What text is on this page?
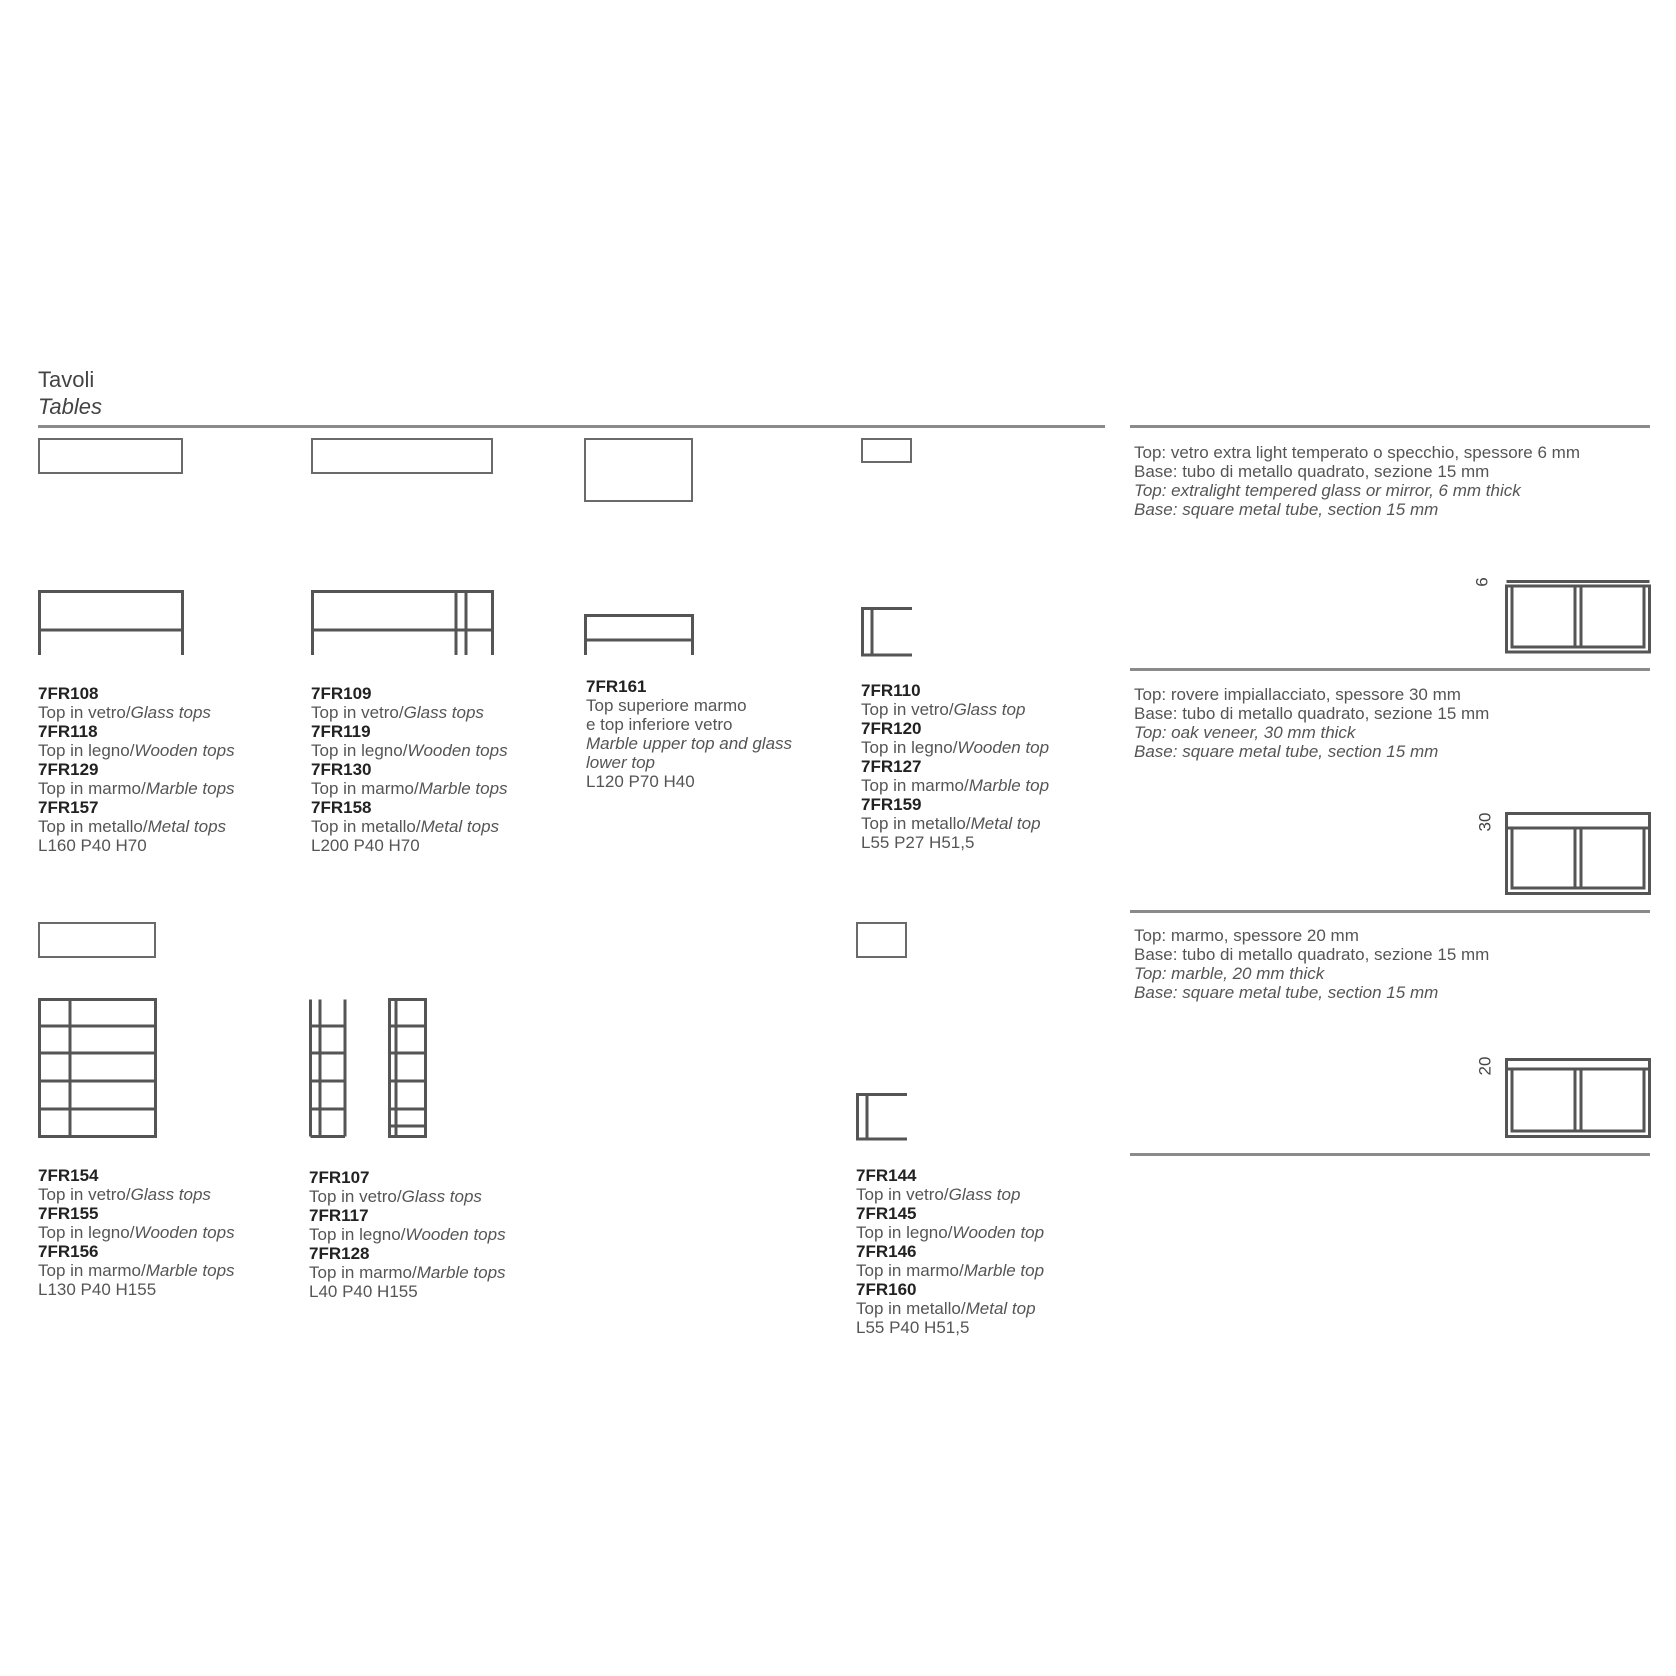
Tavoli
Tables
7FR108
Top in vetro/Glass tops
7FR118
Top in legno/Wooden tops
7FR129
Top in marmo/Marble tops
7FR157
Top in metallo/Metal tops
L160 P40 H70
7FR109
Top in vetro/Glass tops
7FR119
Top in legno/Wooden tops
7FR130
Top in marmo/Marble tops
7FR158
Top in metallo/Metal tops
L200 P40 H70
7FR161
Top superiore marmo
e top inferiore vetro
Marble upper top and glass
lower top
L120 P70 H40
7FR110
Top in vetro/Glass top
7FR120
Top in legno/Wooden top
7FR127
Top in marmo/Marble top
7FR159
Top in metallo/Metal top
L55 P27 H51,5
7FR154
Top in vetro/Glass tops
7FR155
Top in legno/Wooden tops
7FR156
Top in marmo/Marble tops
L130 P40 H155
7FR107
Top in vetro/Glass tops
7FR117
Top in legno/Wooden tops
7FR128
Top in marmo/Marble tops
L40 P40 H155
7FR144
Top in vetro/Glass top
7FR145
Top in legno/Wooden top
7FR146
Top in marmo/Marble top
7FR160
Top in metallo/Metal top
L55 P40 H51,5
Top: vetro extra light temperato o specchio, spessore 6 mm
Base: tubo di metallo quadrato, sezione 15 mm
Top: extralight tempered glass or mirror, 6 mm thick
Base: square metal tube, section 15 mm
6
Top: rovere impiallacciato, spessore 30 mm
Base: tubo di metallo quadrato, sezione 15 mm
Top: oak veneer, 30 mm thick
Base: square metal tube, section 15 mm
30
Top: marmo, spessore 20 mm
Base: tubo di metallo quadrato, sezione 15 mm
Top: marble, 20 mm thick
Base: square metal tube, section 15 mm
20
